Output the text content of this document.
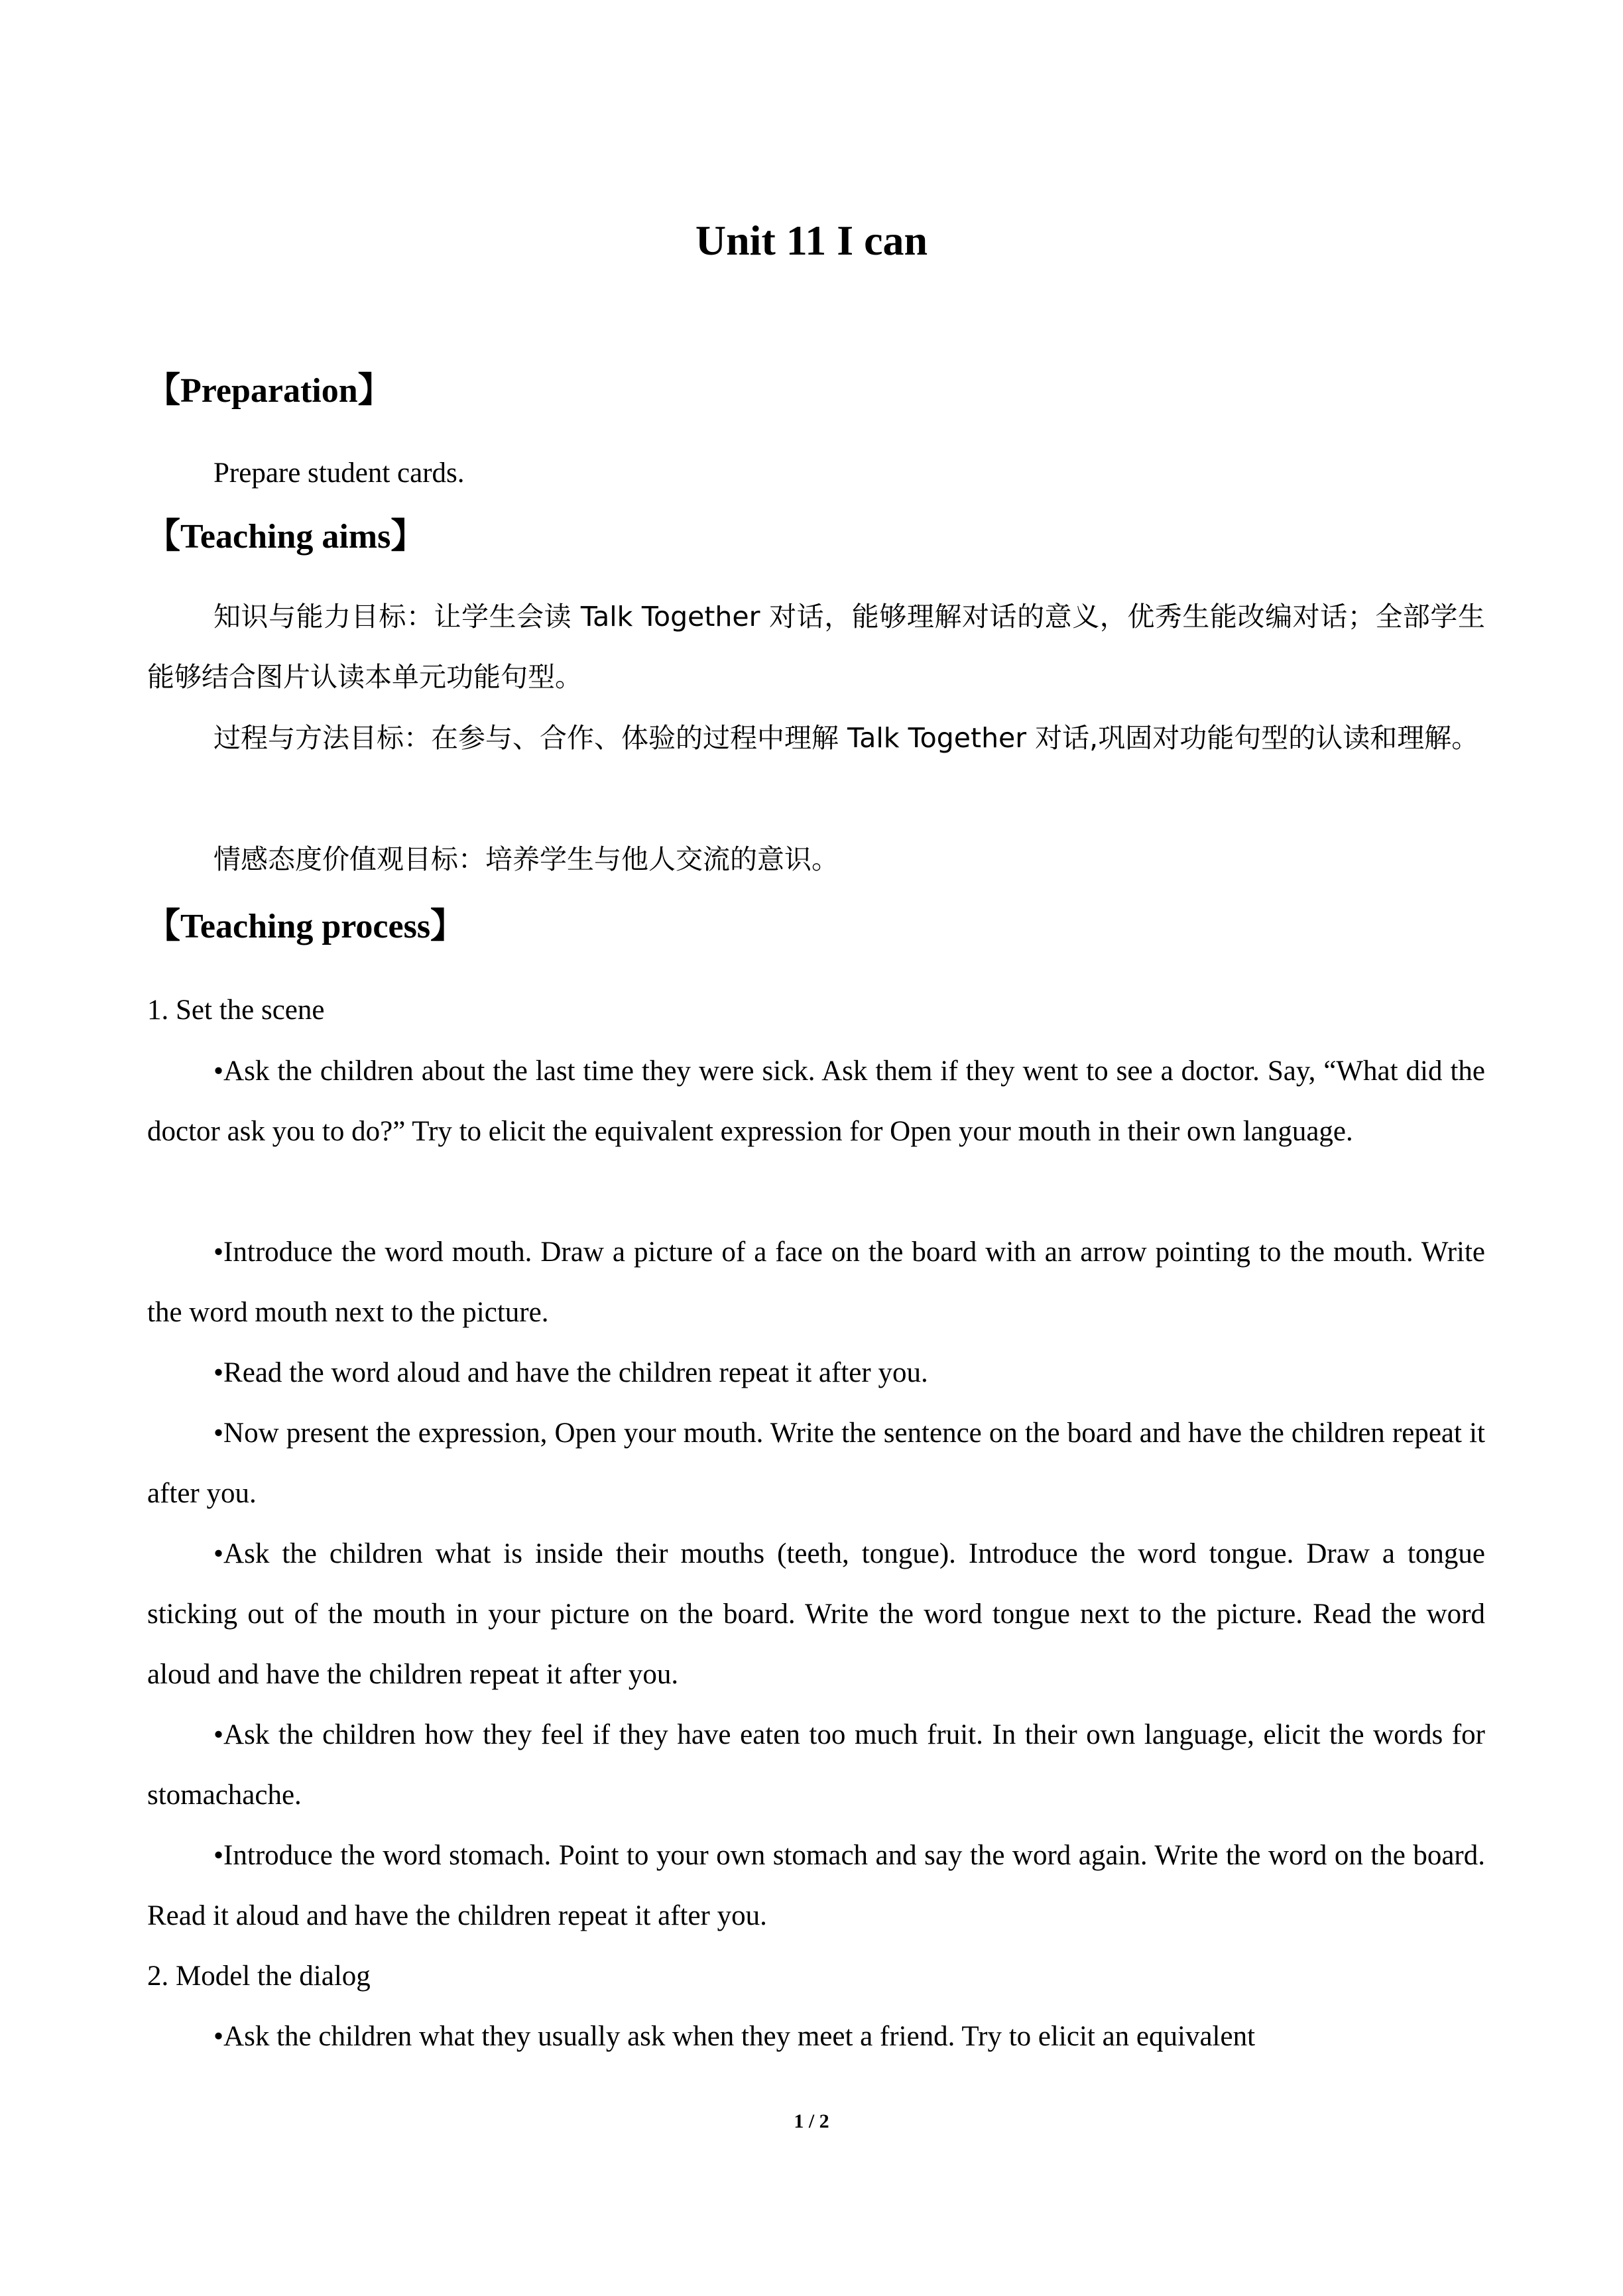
Unit 11 I can
【Preparation】

Prepare student cards.

【Teaching aims】

知识与能力目标：让学生会读 Talk Together 对话，能够理解对话的意义，优秀生能改编对话；全部学生能够结合图片认读本单元功能句型。

过程与方法目标：在参与、合作、体验的过程中理解 Talk Together 对话,巩固对功能句型的认读和理解。

情感态度价值观目标：培养学生与他人交流的意识。

【Teaching process】

1. Set the scene

•Ask the children about the last time they were sick. Ask them if they went to see a doctor. Say, “What did the doctor ask you to do?” Try to elicit the equivalent expression for Open your mouth in their own language.

•Introduce the word mouth. Draw a picture of a face on the board with an arrow pointing to the mouth. Write the word mouth next to the picture.

•Read the word aloud and have the children repeat it after you.

•Now present the expression, Open your mouth. Write the sentence on the board and have the children repeat it after you.

•Ask the children what is inside their mouths (teeth, tongue). Introduce the word tongue. Draw a tongue sticking out of the mouth in your picture on the board. Write the word tongue next to the picture. Read the word aloud and have the children repeat it after you.

•Ask the children how they feel if they have eaten too much fruit. In their own language, elicit the words for stomachache.

•Introduce the word stomach. Point to your own stomach and say the word again. Write the word on the board. Read it aloud and have the children repeat it after you.

2. Model the dialog

•Ask the children what they usually ask when they meet a friend. Try to elicit an equivalent

1 / 2
